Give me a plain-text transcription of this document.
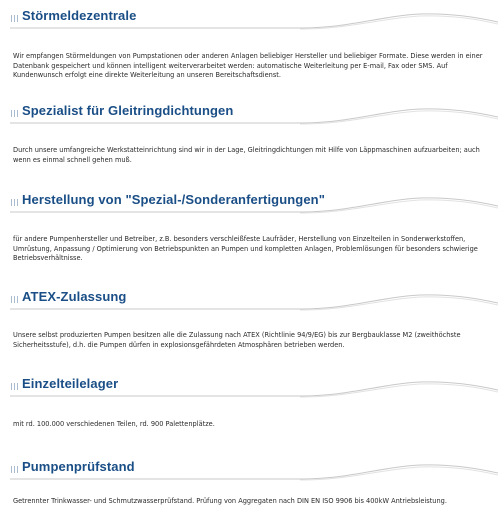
Störmeldezentrale
Wir empfangen Störmeldungen von Pumpstationen oder anderen Anlagen beliebiger Hersteller und beliebiger Formate. Diese werden in einer Datenbank gespeichert und können intelligent weiterverarbeitet werden: automatische Weiterleitung per E-mail, Fax oder SMS. Auf Kundenwunsch erfolgt eine direkte Weiterleitung an unseren Bereitschaftsdienst.
Spezialist für Gleitringdichtungen
Durch unsere umfangreiche Werkstatteinrichtung sind wir in der Lage, Gleitringdichtungen mit Hilfe von Läppmaschinen aufzuarbeiten; auch wenn es einmal schnell gehen muß.
Herstellung von "Spezial-/Sonderanfertigungen"
für andere Pumpenhersteller und Betreiber, z.B. besonders verschleißfeste Laufräder, Herstellung von Einzelteilen in Sonderwerkstoffen, Umrüstung, Anpassung / Optimierung von Betriebspunkten an Pumpen und kompletten Anlagen, Problemlösungen für besonders schwierige Betriebsverhältnisse.
ATEX-Zulassung
Unsere selbst produzierten Pumpen besitzen alle die Zulassung nach ATEX (Richtlinie 94/9/EG) bis zur Bergbauklasse M2 (zweithöchste Sicherheitsstufe), d.h. die Pumpen dürfen in explosionsgefährdeten Atmosphären betrieben werden.
Einzelteilelager
mit rd. 100.000 verschiedenen Teilen, rd. 900 Palettenplätze.
Pumpenprüfstand
Getrennter Trinkwasser- und Schmutzwasserprüfstand. Prüfung von Aggregaten nach DIN EN ISO 9906 bis 400kW Antriebsleistung.
